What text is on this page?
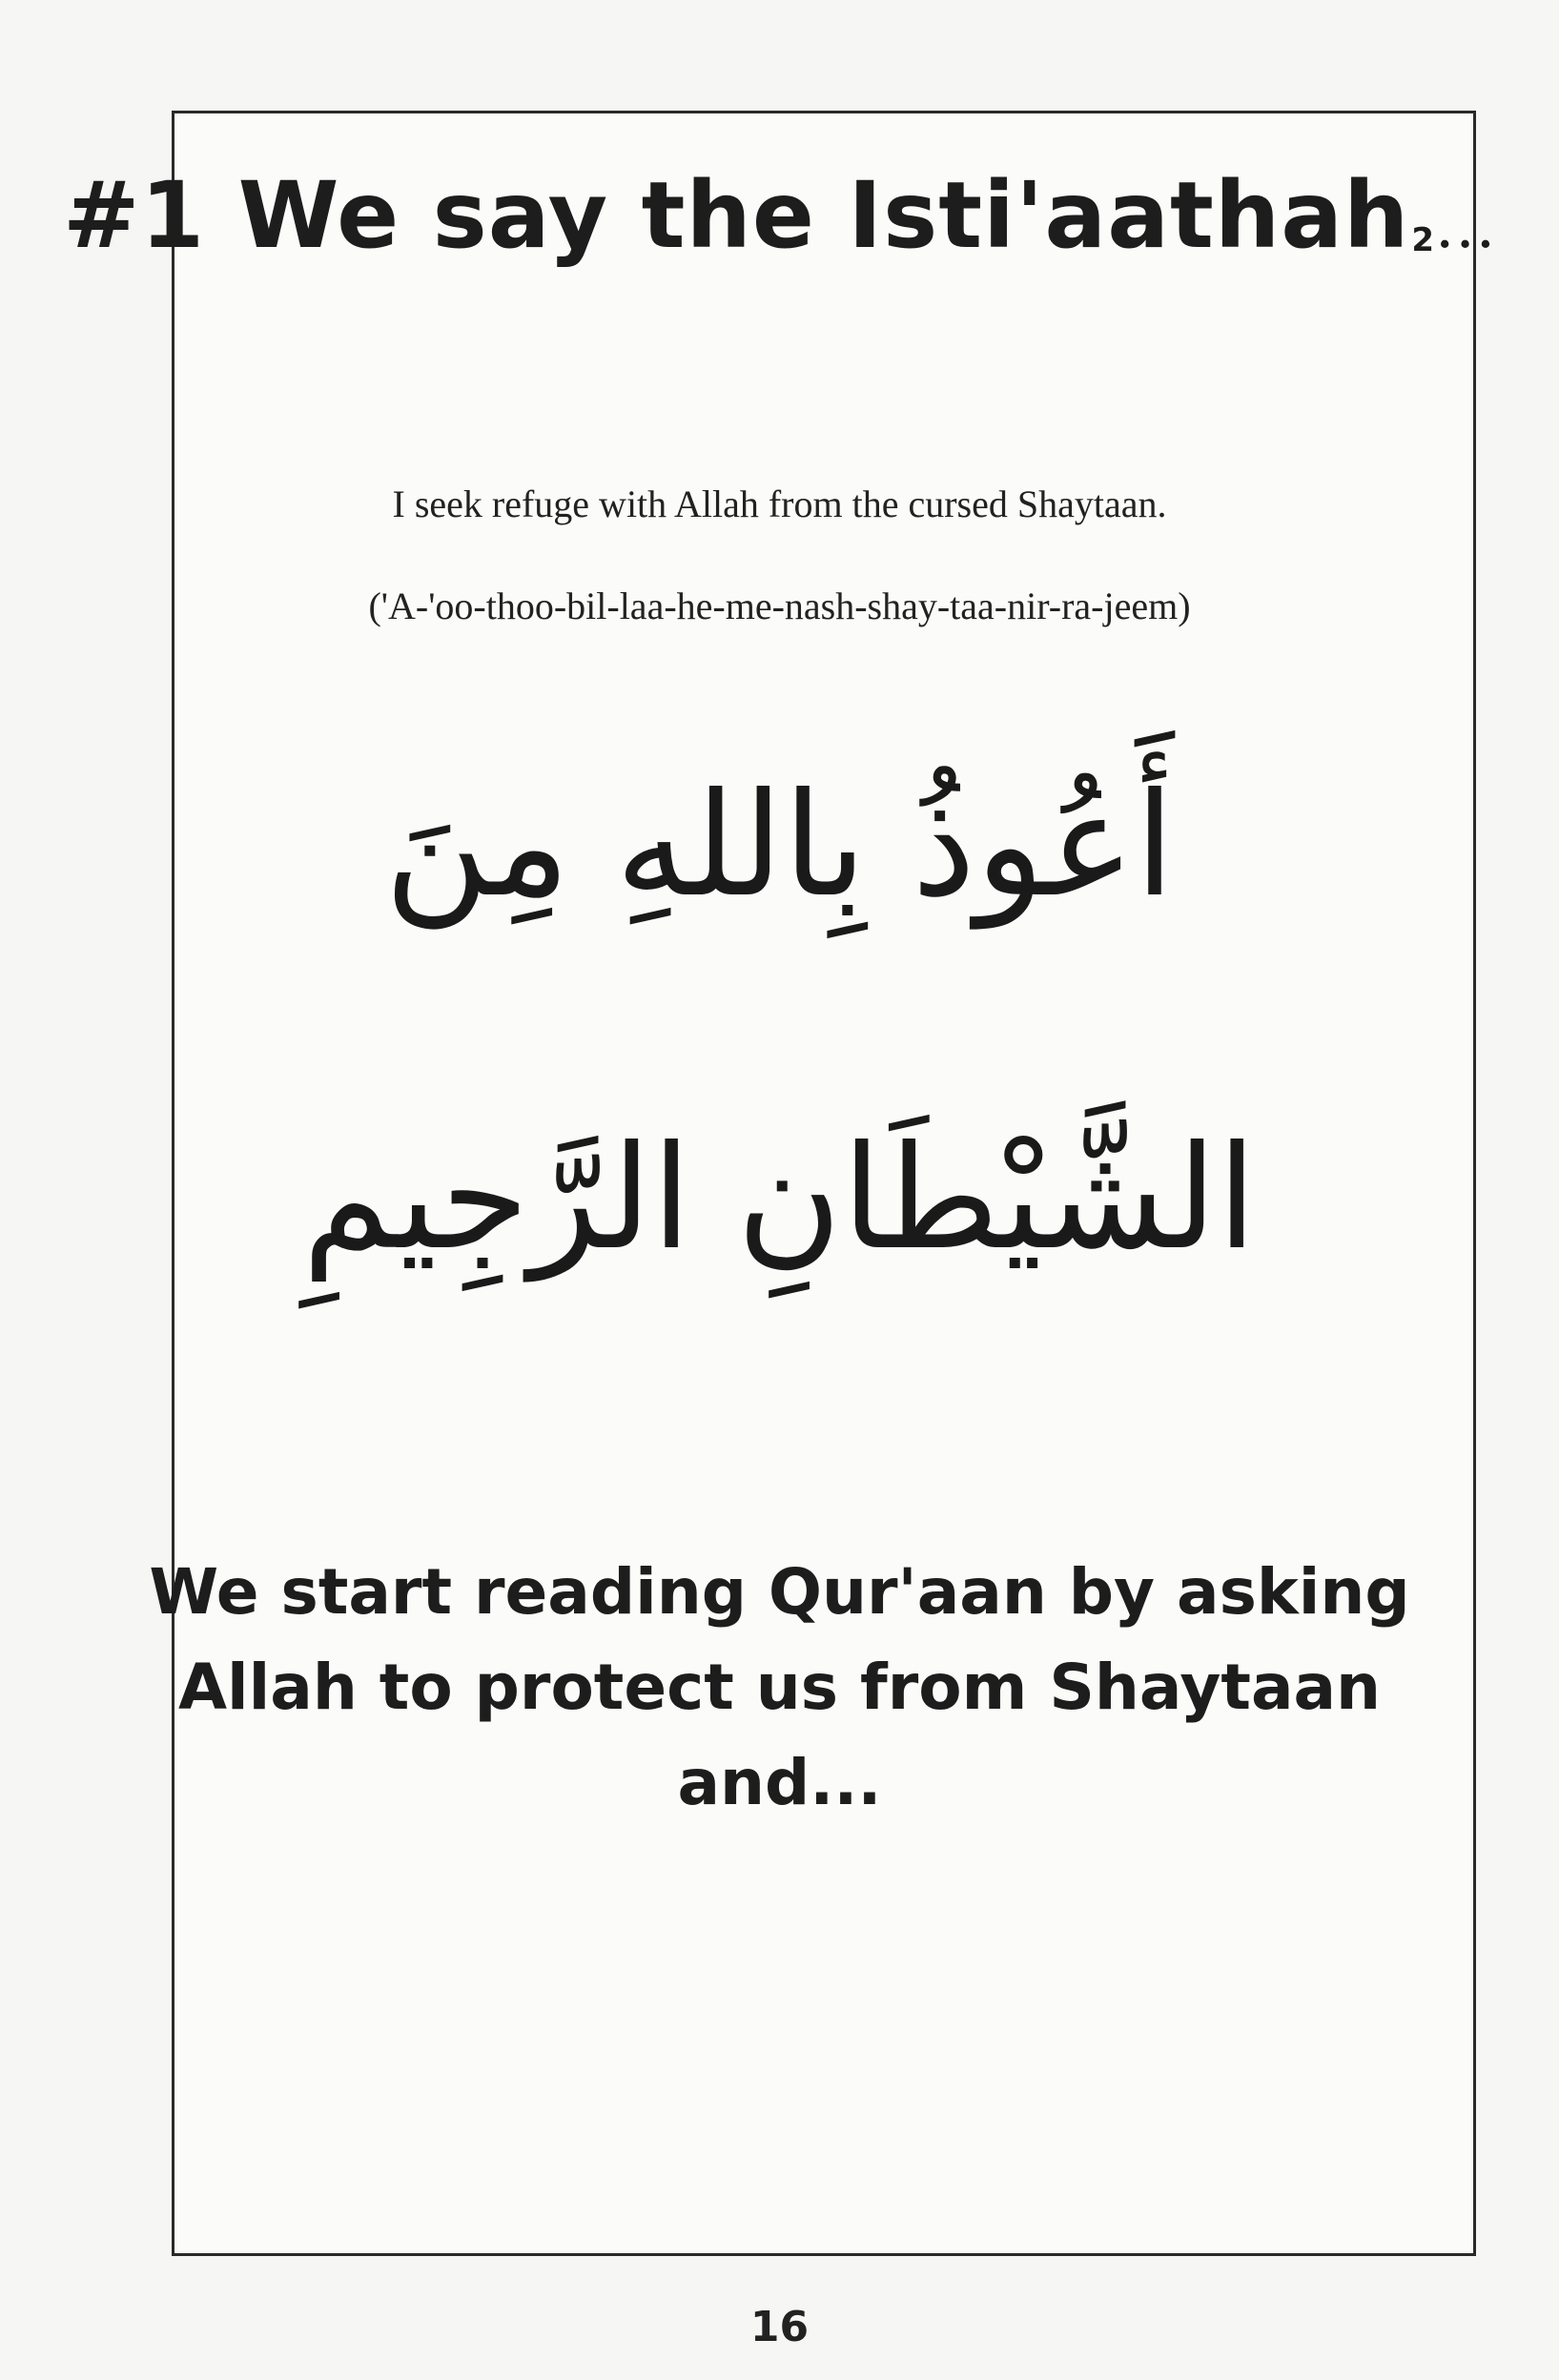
#1 We say the Isti'aathah2...
I seek refuge with Allah from the cursed Shaytaan.
('A-'oo-thoo-bil-laa-he-me-nash-shay-taa-nir-ra-jeem)
أَعُوذُ بِاللهِ مِنَ
الشَّيْطَانِ الرَّجِيمِ
We start reading Qur'aan by asking
Allah to protect us from Shaytaan
and...
16
